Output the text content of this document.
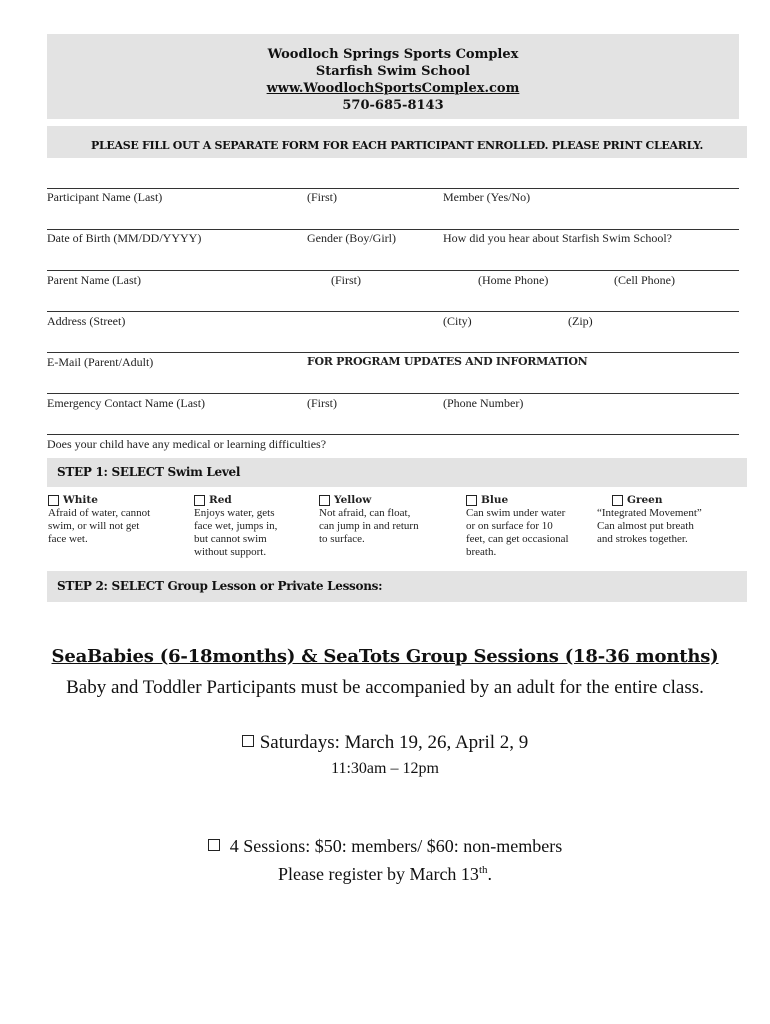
Woodloch Springs Sports Complex
Starfish Swim School
www.WoodlochSportsComplex.com
570-685-8143
PLEASE FILL OUT A SEPARATE FORM FOR EACH PARTICIPANT ENROLLED. PLEASE PRINT CLEARLY.
Participant Name (Last)	(First)	Member (Yes/No)
Date of Birth (MM/DD/YYYY)	Gender (Boy/Girl)	How did you hear about Starfish Swim School?
Parent Name (Last)	(First)	(Home Phone)	(Cell Phone)
Address (Street)	(City)	(Zip)
E-Mail (Parent/Adult)	FOR PROGRAM UPDATES AND INFORMATION
Emergency Contact Name (Last)	(First)	(Phone Number)
Does your child have any medical or learning difficulties?
STEP 1: SELECT Swim Level
White
Afraid of water, cannot
swim, or will not get
face wet.
Red
Enjoys water, gets
face wet, jumps in,
but cannot swim
without support.
Yellow
Not afraid, can float,
can jump in and return
to surface.
Blue
Can swim under water
or on surface for 10
feet, can get occasional
breath.
Green
“Integrated Movement”
Can almost put breath
and strokes together.
STEP 2: SELECT Group Lesson or Private Lessons:
SeaBabies (6-18months) & SeaTots Group Sessions (18-36 months)
Baby and Toddler Participants must be accompanied by an adult for the entire class.
Saturdays: March 19, 26, April 2, 9
11:30am – 12pm
4 Sessions: $50: members/ $60: non-members
Please register by March 13th.
